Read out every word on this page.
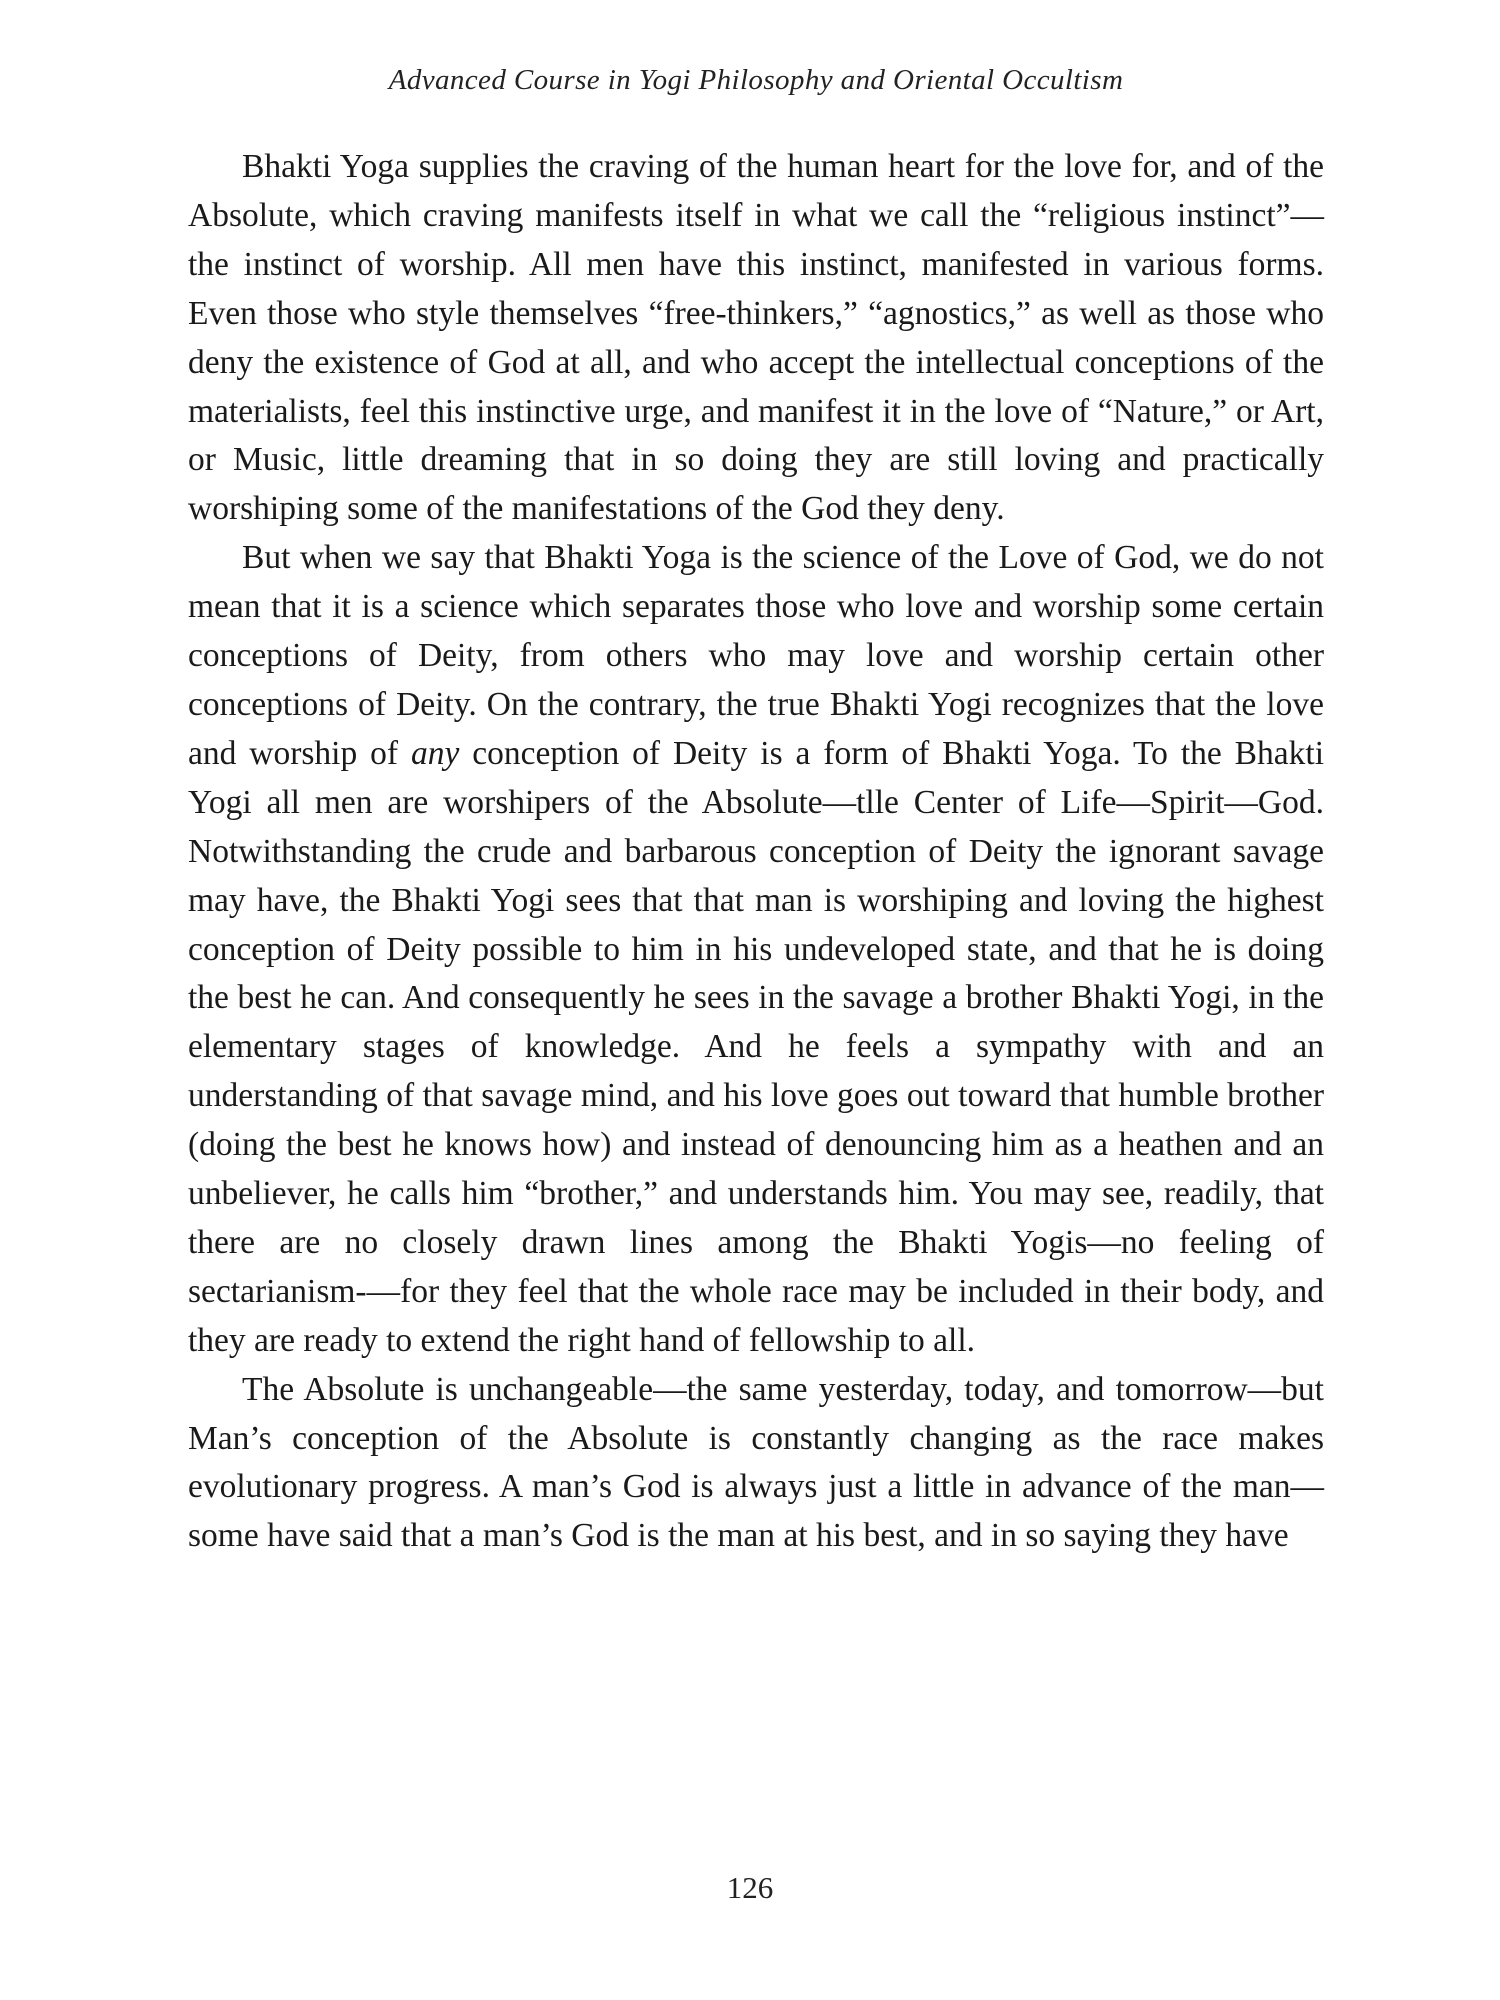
Advanced Course in Yogi Philosophy and Oriental Occultism

Bhakti Yoga supplies the craving of the human heart for the love for, and of the Absolute, which craving manifests itself in what we call the “religious instinct”—the instinct of worship. All men have this instinct, manifested in various forms. Even those who style themselves “free-thinkers,” “agnostics,” as well as those who deny the existence of God at all, and who accept the intellectual conceptions of the materialists, feel this instinctive urge, and manifest it in the love of “Nature,” or Art, or Music, little dreaming that in so doing they are still loving and practically worshiping some of the manifestations of the God they deny.

But when we say that Bhakti Yoga is the science of the Love of God, we do not mean that it is a science which separates those who love and worship some certain conceptions of Deity, from others who may love and worship certain other conceptions of Deity. On the contrary, the true Bhakti Yogi recognizes that the love and worship of any conception of Deity is a form of Bhakti Yoga. To the Bhakti Yogi all men are worshipers of the Absolute—tlle Center of Life—Spirit—God. Notwithstanding the crude and barbarous conception of Deity the ignorant savage may have, the Bhakti Yogi sees that that man is worshiping and loving the highest conception of Deity possible to him in his undeveloped state, and that he is doing the best he can. And consequently he sees in the savage a brother Bhakti Yogi, in the elementary stages of knowledge. And he feels a sympathy with and an understanding of that savage mind, and his love goes out toward that humble brother (doing the best he knows how) and instead of denouncing him as a heathen and an unbeliever, he calls him “brother,” and understands him. You may see, readily, that there are no closely drawn lines among the Bhakti Yogis—no feeling of sectarianism-—for they feel that the whole race may be included in their body, and they are ready to extend the right hand of fellowship to all.

The Absolute is unchangeable—the same yesterday, today, and tomorrow—but Man’s conception of the Absolute is constantly changing as the race makes evolutionary progress. A man’s God is always just a little in advance of the man—some have said that a man’s God is the man at his best, and in so saying they have

126
